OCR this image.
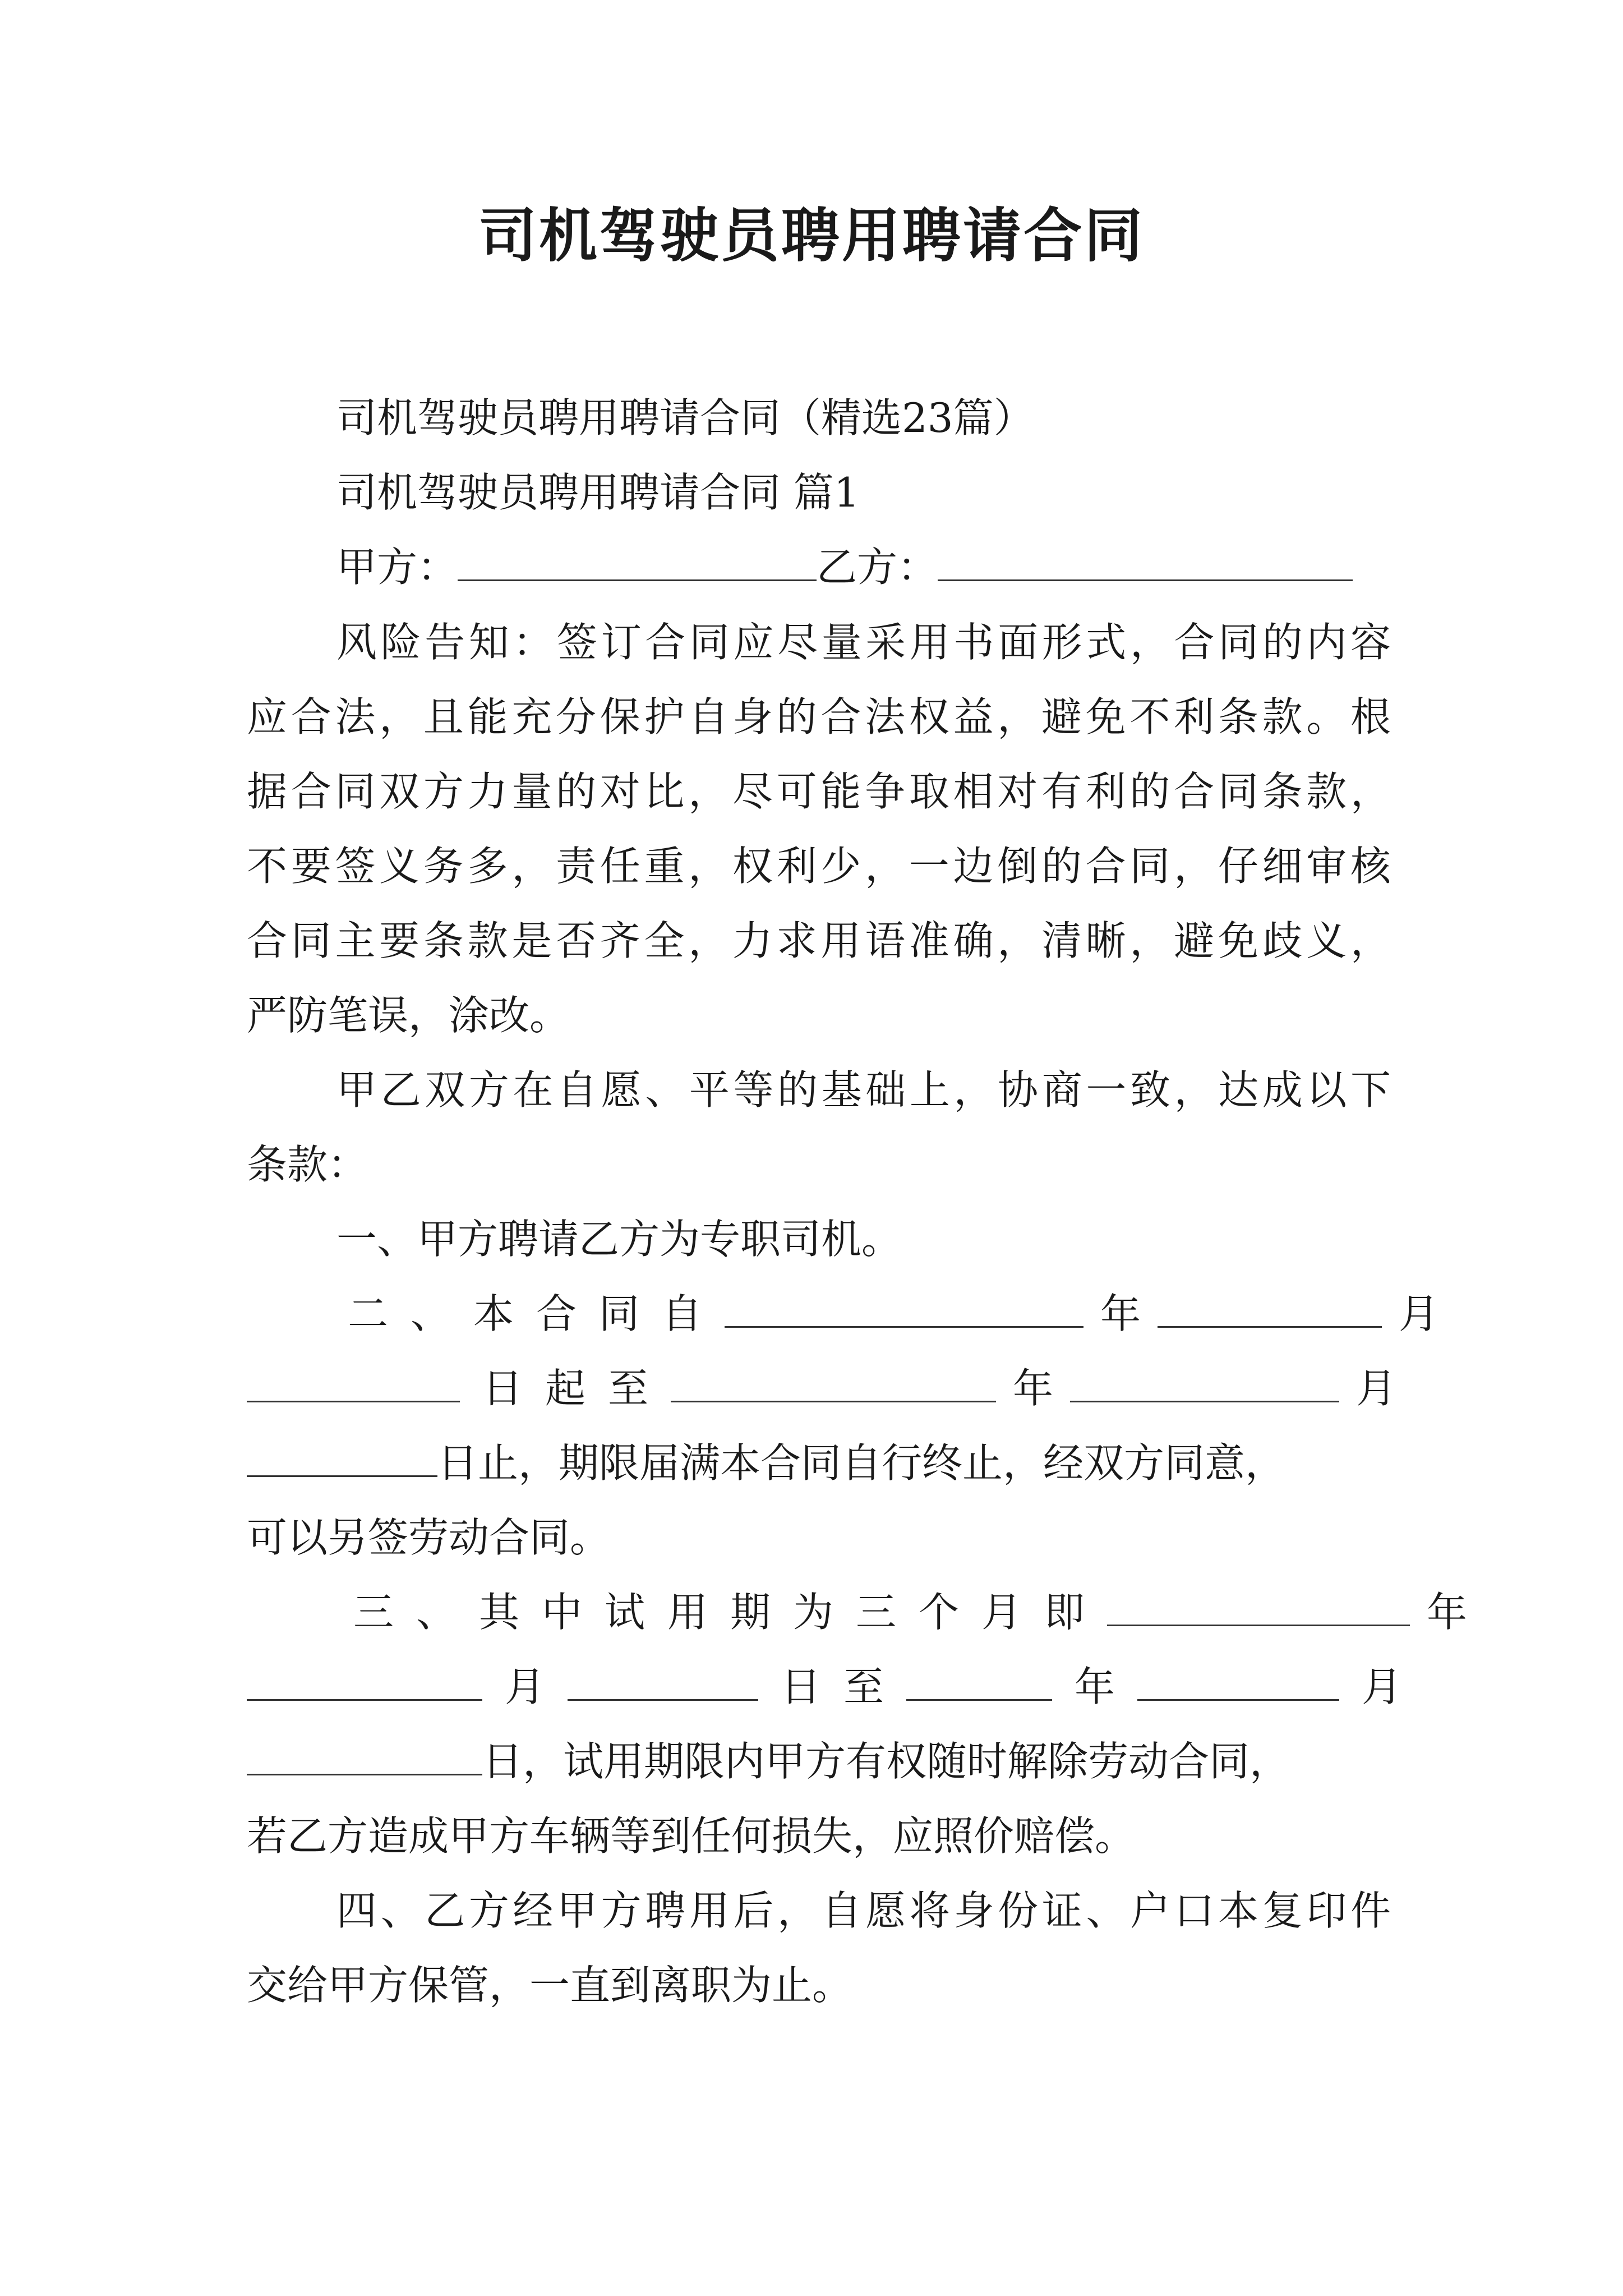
司机驾驶员聘用聘请合同
司机驾驶员聘用聘请合同（精选23篇）
司机驾驶员聘用聘请合同 篇1
甲方：	乙方：
风险告知：签订合同应尽量采用书面形式，合同的内容
应合法，且能充分保护自身的合法权益，避免不利条款。根
据合同双方力量的对比，尽可能争取相对有利的合同条款，
不要签义务多，责任重，权利少，一边倒的合同，仔细审核
合同主要条款是否齐全，力求用语准确，清晰，避免歧义，
严防笔误，涂改。
甲乙双方在自愿、平等的基础上，协商一致，达成以下
条款：
一、甲方聘请乙方为专职司机。
二、本合同自	年	月
日起至	年	月
日止，期限届满本合同自行终止，经双方同意，
可以另签劳动合同。
三、其中试用期为三个月即	年
月	日至	年	月
日，试用期限内甲方有权随时解除劳动合同，
若乙方造成甲方车辆等到任何损失，应照价赔偿。
四、乙方经甲方聘用后，自愿将身份证、户口本复印件
交给甲方保管，一直到离职为止。
